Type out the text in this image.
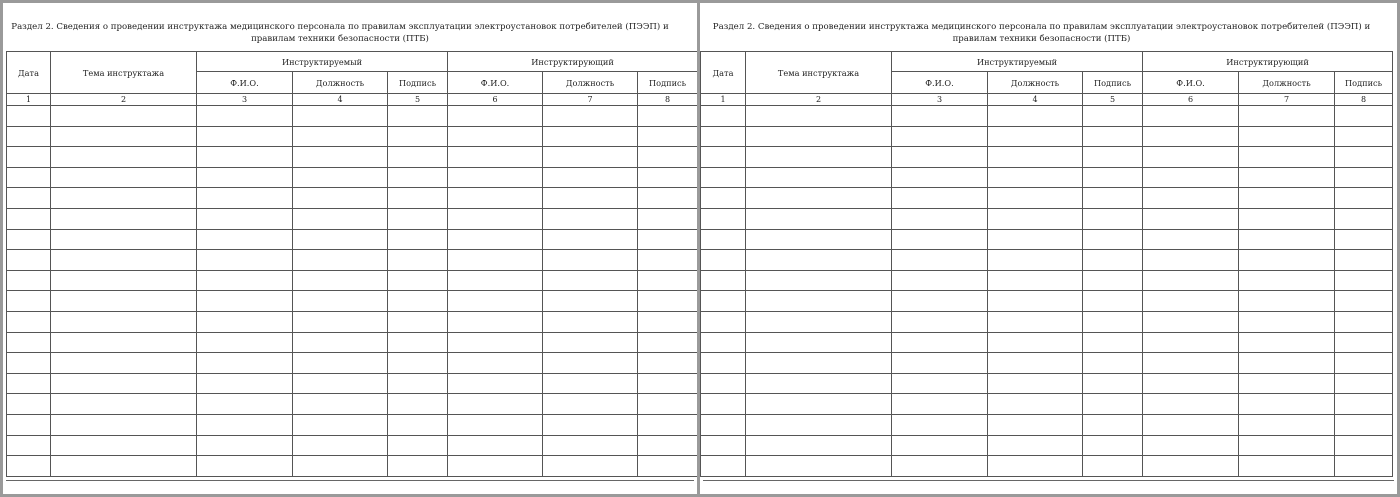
Раздел 2. Сведения о проведении инструктажа медицинского персонала по правилам эксплуатации электроустановок потребителей (ПЭЭП) и правилам техники безопасности (ПТБ)
Дата	Тема инструктажа	Инструктируемый			Инструктирующий		
		Ф.И.О.	Должность	Подпись	Ф.И.О.	Должность	Подпись
1	2	3	4	5	6	7	8

Раздел 2. Сведения о проведении инструктажа медицинского персонала по правилам эксплуатации электроустановок потребителей (ПЭЭП) и правилам техники безопасности (ПТБ)
Дата	Тема инструктажа	Инструктируемый			Инструктирующий		
		Ф.И.О.	Должность	Подпись	Ф.И.О.	Должность	Подпись
1	2	3	4	5	6	7	8
